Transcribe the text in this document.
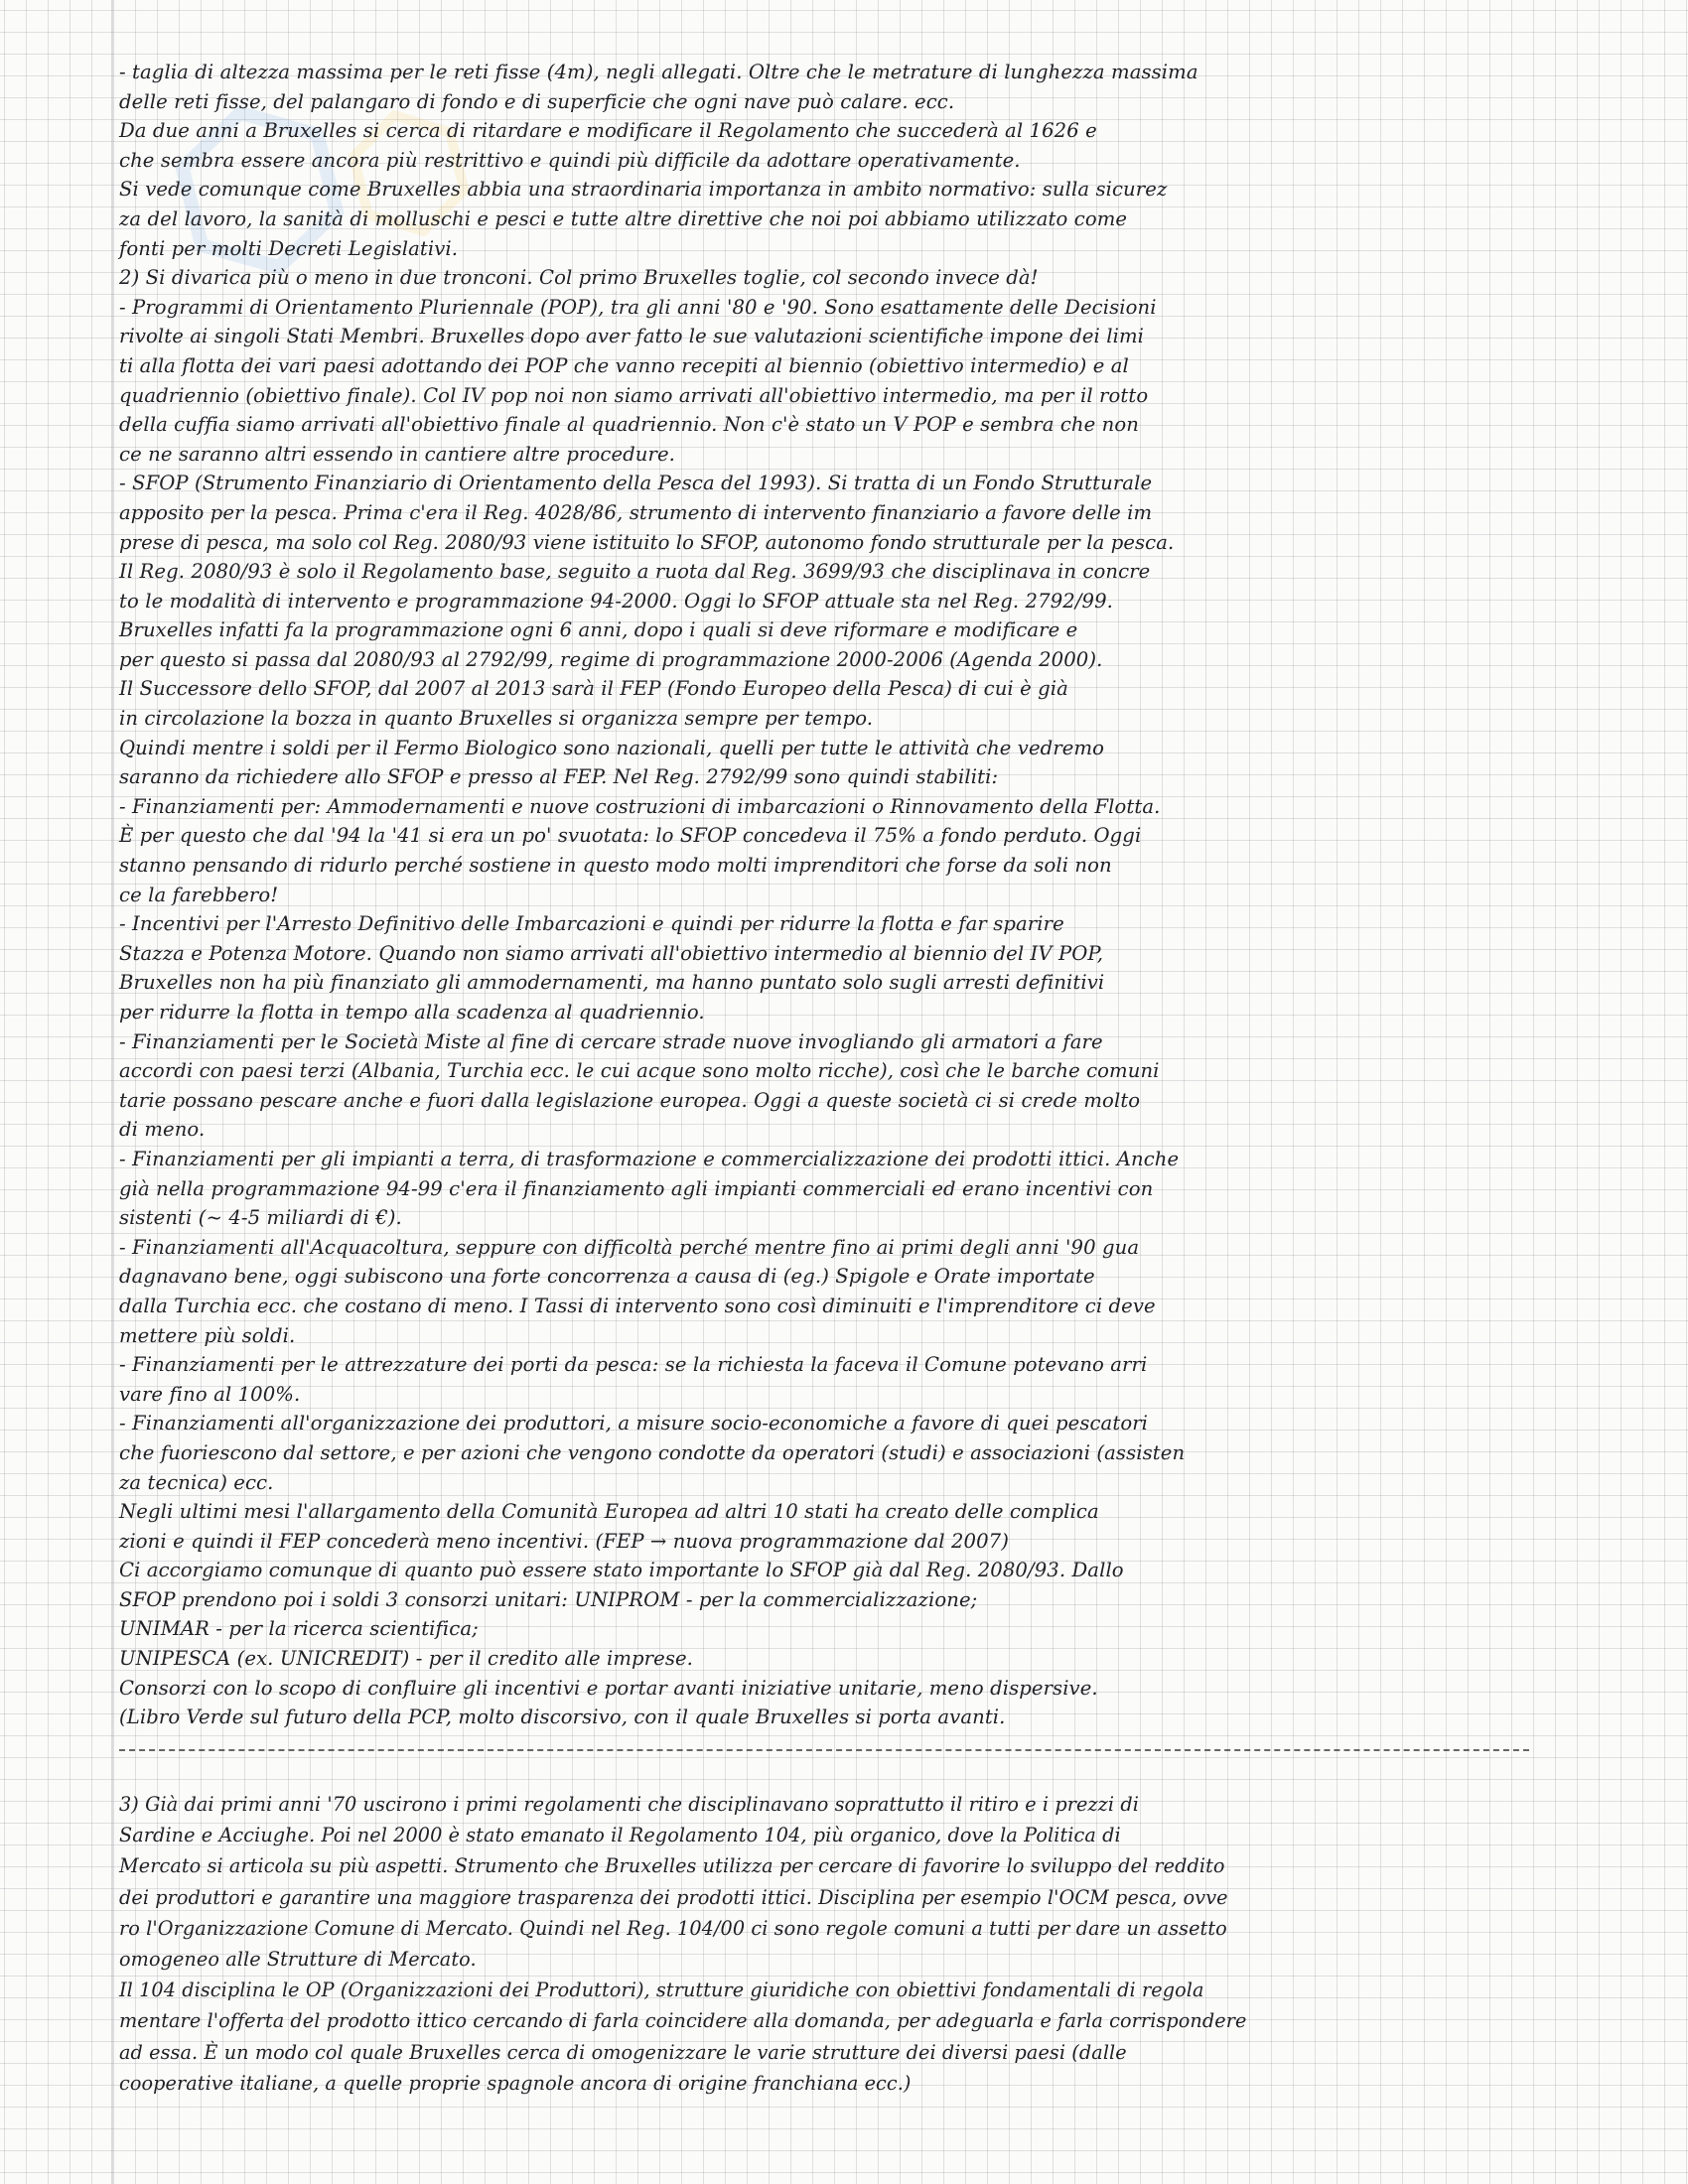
- taglia di altezza massima per le reti fisse (4m), negli allegati. Oltre che le metrature di lunghezza massima
delle reti fisse, del palangaro di fondo e di superficie che ogni nave può calare. ecc.
Da due anni a Bruxelles si cerca di ritardare e modificare il Regolamento che succederà al 1626 e
che sembra essere ancora più restrittivo e quindi più difficile da adottare operativamente.
Si vede comunque come Bruxelles abbia una straordinaria importanza in ambito normativo: sulla sicurez
za del lavoro, la sanità di molluschi e pesci e tutte altre direttive che noi poi abbiamo utilizzato come
fonti per molti Decreti Legislativi.
2) Si divarica più o meno in due tronconi. Col primo Bruxelles toglie, col secondo invece dà!
- Programmi di Orientamento Pluriennale (POP), tra gli anni '80 e '90. Sono esattamente delle Decisioni
rivolte ai singoli Stati Membri. Bruxelles dopo aver fatto le sue valutazioni scientifiche impone dei limi
ti alla flotta dei vari paesi adottando dei POP che vanno recepiti al biennio (obiettivo intermedio) e al
quadriennio (obiettivo finale). Col IV pop noi non siamo arrivati all'obiettivo intermedio, ma per il rotto
della cuffia siamo arrivati all'obiettivo finale al quadriennio. Non c'è stato un V POP e sembra che non
ce ne saranno altri essendo in cantiere altre procedure.
- SFOP (Strumento Finanziario di Orientamento della Pesca del 1993). Si tratta di un Fondo Strutturale
apposito per la pesca. Prima c'era il Reg. 4028/86, strumento di intervento finanziario a favore delle im
prese di pesca, ma solo col Reg. 2080/93 viene istituito lo SFOP, autonomo fondo strutturale per la pesca.
Il Reg. 2080/93 è solo il Regolamento base, seguito a ruota dal Reg. 3699/93 che disciplinava in concre
to le modalità di intervento e programmazione 94-2000. Oggi lo SFOP attuale sta nel Reg. 2792/99.
Bruxelles infatti fa la programmazione ogni 6 anni, dopo i quali si deve riformare e modificare e
per questo si passa dal 2080/93 al 2792/99, regime di programmazione 2000-2006 (Agenda 2000).
Il Successore dello SFOP, dal 2007 al 2013 sarà il FEP (Fondo Europeo della Pesca) di cui è già
in circolazione la bozza in quanto Bruxelles si organizza sempre per tempo.
Quindi mentre i soldi per il Fermo Biologico sono nazionali, quelli per tutte le attività che vedremo
saranno da richiedere allo SFOP e presso al FEP. Nel Reg. 2792/99 sono quindi stabiliti:
- Finanziamenti per: Ammodernamenti e nuove costruzioni di imbarcazioni o Rinnovamento della Flotta.
È per questo che dal '94 la '41 si era un po' svuotata: lo SFOP concedeva il 75% a fondo perduto. Oggi
stanno pensando di ridurlo perché sostiene in questo modo molti imprenditori che forse da soli non
ce la farebbero!
- Incentivi per l'Arresto Definitivo delle Imbarcazioni e quindi per ridurre la flotta e far sparire
Stazza e Potenza Motore. Quando non siamo arrivati all'obiettivo intermedio al biennio del IV POP,
Bruxelles non ha più finanziato gli ammodernamenti, ma hanno puntato solo sugli arresti definitivi
per ridurre la flotta in tempo alla scadenza al quadriennio.
- Finanziamenti per le Società Miste al fine di cercare strade nuove invogliando gli armatori a fare
accordi con paesi terzi (Albania, Turchia ecc. le cui acque sono molto ricche), così che le barche comuni
tarie possano pescare anche e fuori dalla legislazione europea. Oggi a queste società ci si crede molto
di meno.
- Finanziamenti per gli impianti a terra, di trasformazione e commercializzazione dei prodotti ittici. Anche
già nella programmazione 94-99 c'era il finanziamento agli impianti commerciali ed erano incentivi con
sistenti (~ 4-5 miliardi di €).
- Finanziamenti all'Acquacoltura, seppure con difficoltà perché mentre fino ai primi degli anni '90 gua
dagnavano bene, oggi subiscono una forte concorrenza a causa di (eg.) Spigole e Orate importate
dalla Turchia ecc. che costano di meno. I Tassi di intervento sono così diminuiti e l'imprenditore ci deve
mettere più soldi.
- Finanziamenti per le attrezzature dei porti da pesca: se la richiesta la faceva il Comune potevano arri
vare fino al 100%.
- Finanziamenti all'organizzazione dei produttori, a misure socio-economiche a favore di quei pescatori
che fuoriescono dal settore, e per azioni che vengono condotte da operatori (studi) e associazioni (assisten
za tecnica) ecc.
Negli ultimi mesi l'allargamento della Comunità Europea ad altri 10 stati ha creato delle complica
zioni e quindi il FEP concederà meno incentivi. (FEP → nuova programmazione dal 2007)
Ci accorgiamo comunque di quanto può essere stato importante lo SFOP già dal Reg. 2080/93. Dallo
SFOP prendono poi i soldi 3 consorzi unitari: UNIPROM - per la commercializzazione;
UNIMAR - per la ricerca scientifica;
UNIPESCA (ex. UNICREDIT) - per il credito alle imprese.
Consorzi con lo scopo di confluire gli incentivi e portar avanti iniziative unitarie, meno dispersive.
(Libro Verde sul futuro della PCP, molto discorsivo, con il quale Bruxelles si porta avanti.
3) Già dai primi anni '70 uscirono i primi regolamenti che disciplinavano soprattutto il ritiro e i prezzi di
Sardine e Acciughe. Poi nel 2000 è stato emanato il Regolamento 104, più organico, dove la Politica di
Mercato si articola su più aspetti. Strumento che Bruxelles utilizza per cercare di favorire lo sviluppo del reddito
dei produttori e garantire una maggiore trasparenza dei prodotti ittici. Disciplina per esempio l'OCM pesca, ovve
ro l'Organizzazione Comune di Mercato. Quindi nel Reg. 104/00 ci sono regole comuni a tutti per dare un assetto
omogeneo alle Strutture di Mercato.
Il 104 disciplina le OP (Organizzazioni dei Produttori), strutture giuridiche con obiettivi fondamentali di regola
mentare l'offerta del prodotto ittico cercando di farla coincidere alla domanda, per adeguarla e farla corrispondere
ad essa. È un modo col quale Bruxelles cerca di omogenizzare le varie strutture dei diversi paesi (dalle
cooperative italiane, a quelle proprie spagnole ancora di origine franchiana ecc.)
